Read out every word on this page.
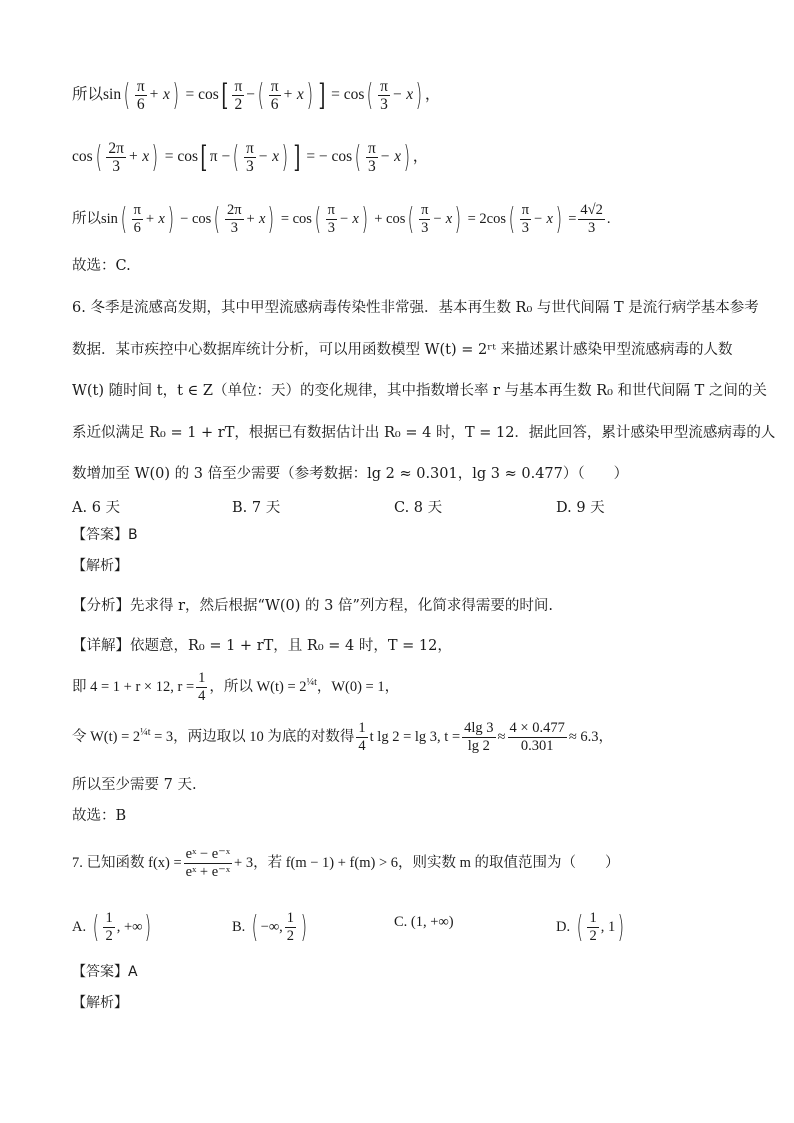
所以$\sin( \frac{\pi}{6} + x) = \cos[ \frac{\pi}{2}$ −( $\frac{\pi}{6} + x$) ] = $\cos( \frac{\pi}{3} - x)$ ，
$\cos( \frac{2\pi}{3} + x) = \cos$[ π −( $\frac{\pi}{3} - x$) ] = − $\cos( \frac{\pi}{3} - x)$ ，
所以$\sin( \frac{\pi}{6} + x) - \cos( \frac{2\pi}{3} + x) = \cos( \frac{\pi}{3} - x) + \cos( \frac{\pi}{3} - x) = 2\cos( \frac{\pi}{3} - x) = \frac{4√2}{3}$ .
故选：C.
6. 冬季是流感高发期，其中甲型流感病毒传染性非常强．基本再生数 R₀ 与世代间隔 T 是流行病学基本参考
数据．某市疾控中心数据库统计分析，可以用函数模型 W(t) = 2ʳᵗ 来描述累计感染甲型流感病毒的人数
W(t) 随时间 t，t ∈ Z（单位：天）的变化规律，其中指数增长率 r 与基本再生数 R₀ 和世代间隔 T 之间的关
系近似满足 R₀ = 1 + rT，根据已有数据估计出 R₀ = 4 时，T = 12．据此回答，累计感染甲型流感病毒的人
数增加至 W(0) 的 3 倍至少需要（参考数据：lg 2 ≈ 0.301，lg 3 ≈ 0.477）（　　）
A. 6 天	B. 7 天	C. 8 天	D. 9 天
【答案】B
【解析】
【分析】先求得 r，然后根据“W(0) 的 3 倍”列方程，化简求得需要的时间.
【详解】依题意，R₀ = 1 + rT，且 R₀ = 4 时，T = 12，
即 4 = 1 + r × 12, $r = \frac{1}{4}$ ，所以 $W(t) = 2^{\frac{1}{4}t}$，W(0) = 1，
令 $W(t) = 2^{\frac{1}{4}t} = 3$，两边取以 10 为底的对数得 $\frac{1}{4}$ t lg 2 = lg 3, $t = \frac{4\lg 3}{\lg 2} \approx \frac{4 \times 0.477}{0.301} \approx 6.3$，
所以至少需要 7 天.
故选：B
7. 已知函数 $f(x) = \frac{\text{eˣ − e⁻ˣ}}{\text{eˣ + e⁻ˣ}} + 3$，若 f(m − 1) + f(m) > 6，则实数 m 的取值范围为（　　）
A. ( $\frac{1}{2}$ , +∞)	B. ( −∞, $\frac{1}{2}$ )	C. (1, +∞)	D. ( $\frac{1}{2}$ , 1)
【答案】A
【解析】
